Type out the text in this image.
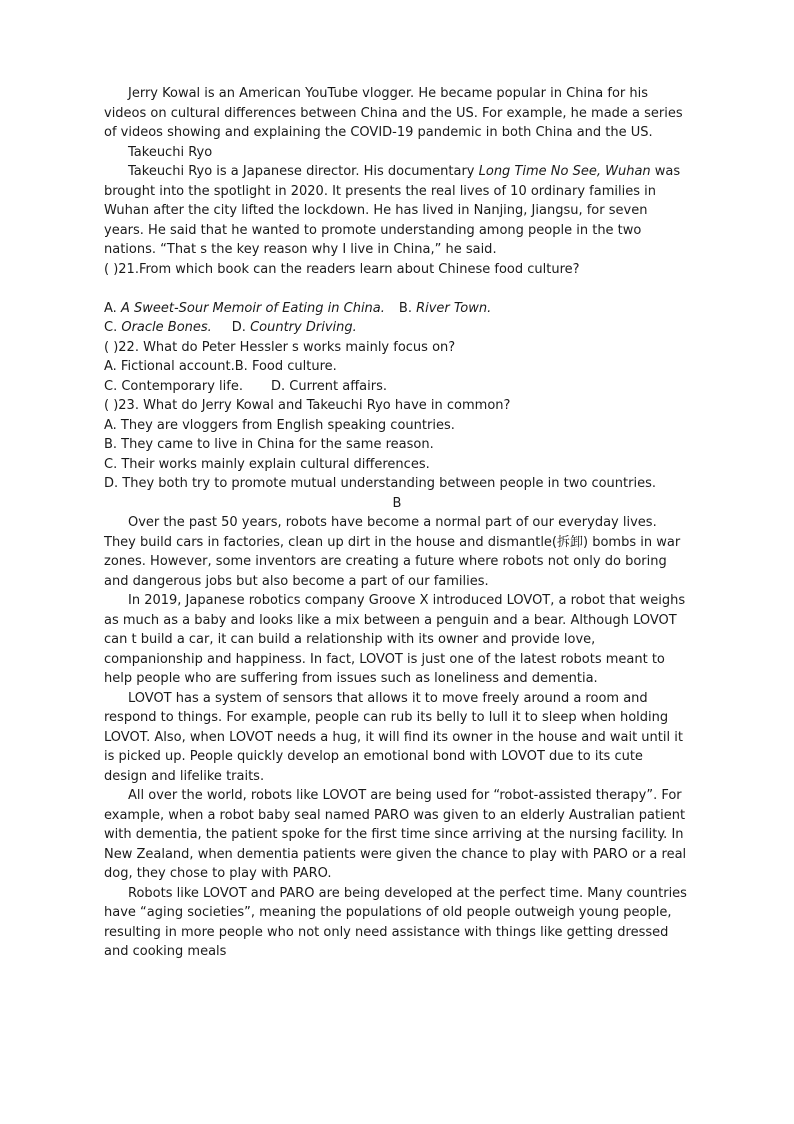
Jerry Kowal is an American YouTube vlogger. He became popular in China for his videos on cultural differences between China and the US. For example, he made a series of videos showing and explaining the COVID-19 pandemic in both China and the US.

Takeuchi Ryo

Takeuchi Ryo is a Japanese director. His documentary Long Time No See, Wuhan was brought into the spotlight in 2020. It presents the real lives of 10 ordinary families in Wuhan after the city lifted the lockdown. He has lived in Nanjing, Jiangsu, for seven years. He said that he wanted to promote understanding among people in the two nations. “That s the key reason why I live in China,” he said.

( )21.From which book can the readers learn about Chinese food culture?

A. A Sweet-Sour Memoir of Eating in China. B. River Town.

C. Oracle Bones. D. Country Driving.

( )22. What do Peter Hessler s works mainly focus on?

A. Fictional account.B. Food culture.

C. Contemporary life. D. Current affairs.

( )23. What do Jerry Kowal and Takeuchi Ryo have in common?

A. They are vloggers from English speaking countries.

B. They came to live in China for the same reason.

C. Their works mainly explain cultural differences.

D. They both try to promote mutual understanding between people in two countries.

B

Over the past 50 years, robots have become a normal part of our everyday lives. They build cars in factories, clean up dirt in the house and dismantle(拆卸) bombs in war zones. However, some inventors are creating a future where robots not only do boring and dangerous jobs but also become a part of our families.

In 2019, Japanese robotics company Groove X introduced LOVOT, a robot that weighs as much as a baby and looks like a mix between a penguin and a bear. Although LOVOT can t build a car, it can build a relationship with its owner and provide love, companionship and happiness. In fact, LOVOT is just one of the latest robots meant to help people who are suffering from issues such as loneliness and dementia.

LOVOT has a system of sensors that allows it to move freely around a room and respond to things. For example, people can rub its belly to lull it to sleep when holding LOVOT. Also, when LOVOT needs a hug, it will find its owner in the house and wait until it is picked up. People quickly develop an emotional bond with LOVOT due to its cute design and lifelike traits.

All over the world, robots like LOVOT are being used for “robot-assisted therapy”. For example, when a robot baby seal named PARO was given to an elderly Australian patient with dementia, the patient spoke for the first time since arriving at the nursing facility. In New Zealand, when dementia patients were given the chance to play with PARO or a real dog, they chose to play with PARO.

Robots like LOVOT and PARO are being developed at the perfect time. Many countries have “aging societies”, meaning the populations of old people outweigh young people, resulting in more people who not only need assistance with things like getting dressed and cooking meals
